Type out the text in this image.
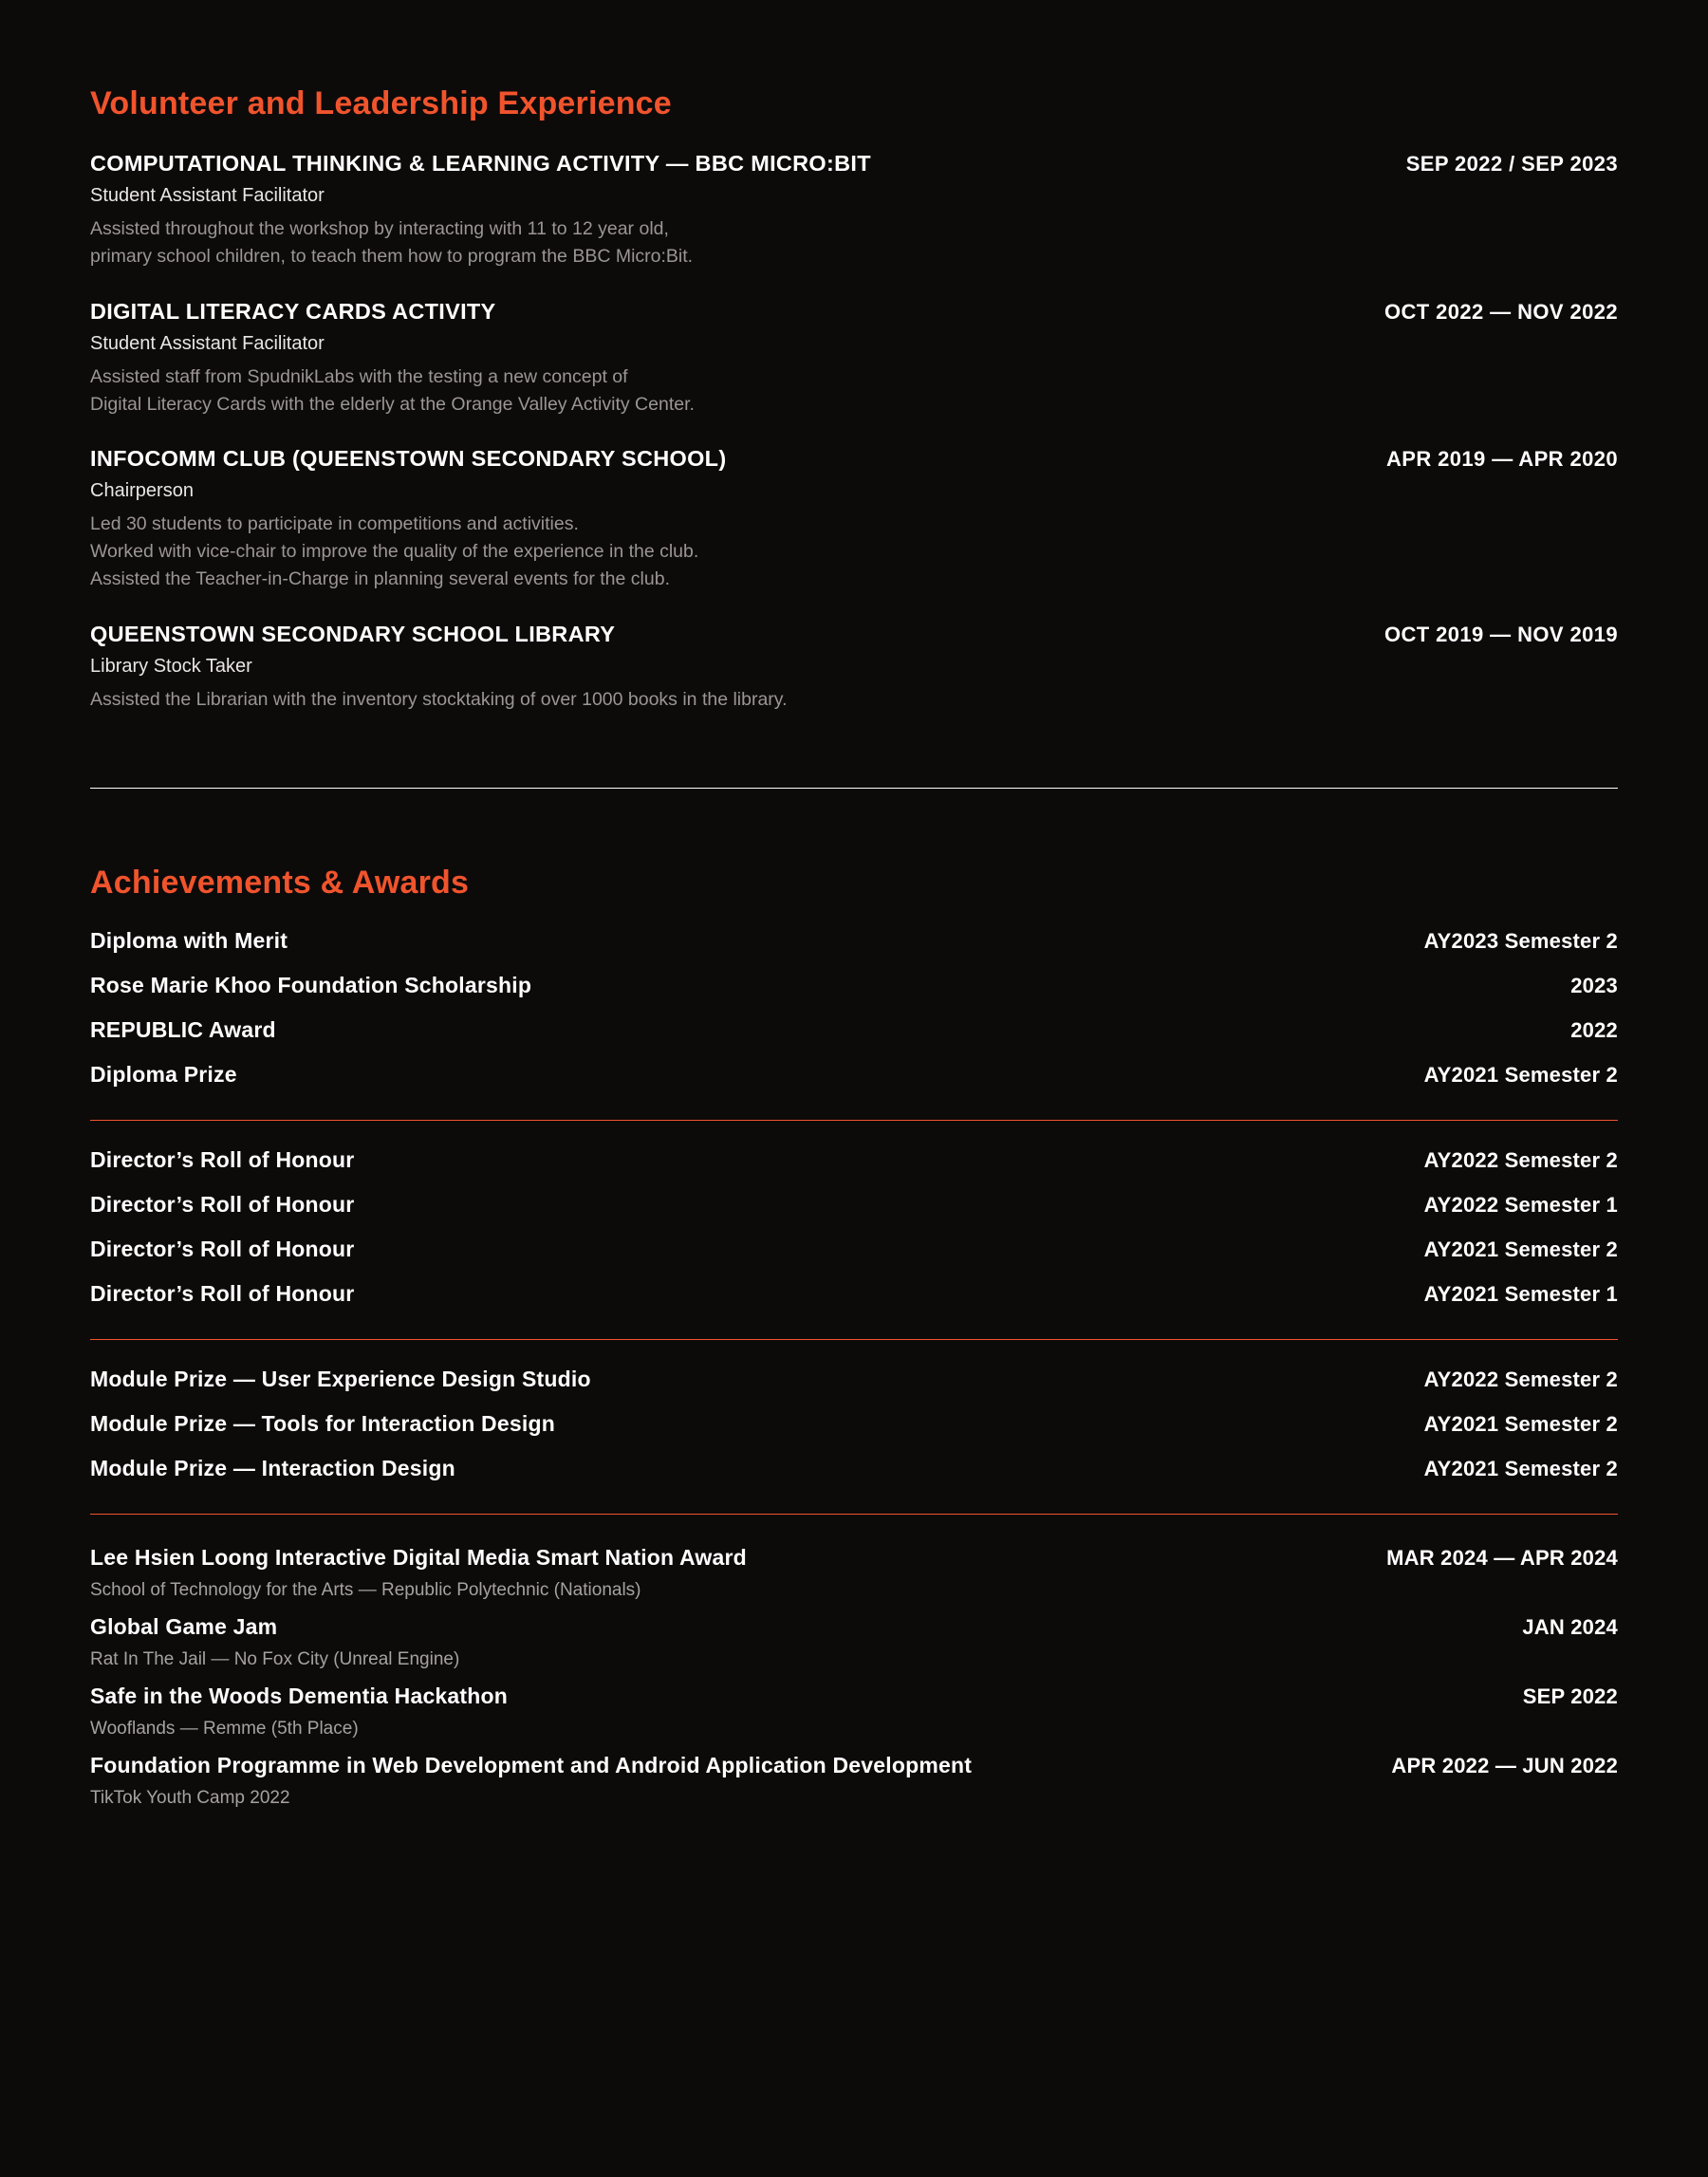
Volunteer and Leadership Experience
COMPUTATIONAL THINKING & LEARNING ACTIVITY — BBC MICRO:BIT	SEP 2022 / SEP 2023
Student Assistant Facilitator
Assisted throughout the workshop by interacting with 11 to 12 year old,
primary school children, to teach them how to program the BBC Micro:Bit.
DIGITAL LITERACY CARDS ACTIVITY	OCT 2022 — NOV 2022
Student Assistant Facilitator
Assisted staff from SpudnikLabs with the testing a new concept of
Digital Literacy Cards with the elderly at the Orange Valley Activity Center.
INFOCOMM CLUB (QUEENSTOWN SECONDARY SCHOOL)	APR 2019 — APR 2020
Chairperson
Led 30 students to participate in competitions and activities.
Worked with vice-chair to improve the quality of the experience in the club.
Assisted the Teacher-in-Charge in planning several events for the club.
QUEENSTOWN SECONDARY SCHOOL LIBRARY	OCT 2019 — NOV 2019
Library Stock Taker
Assisted the Librarian with the inventory stocktaking of over 1000 books in the library.
Achievements & Awards
Diploma with Merit	AY2023 Semester 2
Rose Marie Khoo Foundation Scholarship	2023
REPUBLIC Award	2022
Diploma Prize	AY2021 Semester 2
Director’s Roll of Honour	AY2022 Semester 2
Director’s Roll of Honour	AY2022 Semester 1
Director’s Roll of Honour	AY2021 Semester 2
Director’s Roll of Honour	AY2021 Semester 1
Module Prize — User Experience Design Studio	AY2022 Semester 2
Module Prize — Tools for Interaction Design	AY2021 Semester 2
Module Prize — Interaction Design	AY2021 Semester 2
Lee Hsien Loong Interactive Digital Media Smart Nation Award	MAR 2024 — APR 2024
School of Technology for the Arts — Republic Polytechnic (Nationals)
Global Game Jam	JAN 2024
Rat In The Jail — No Fox City (Unreal Engine)
Safe in the Woods Dementia Hackathon	SEP 2022
Wooflands — Remme (5th Place)
Foundation Programme in Web Development and Android Application Development	APR 2022 — JUN 2022
TikTok Youth Camp 2022
